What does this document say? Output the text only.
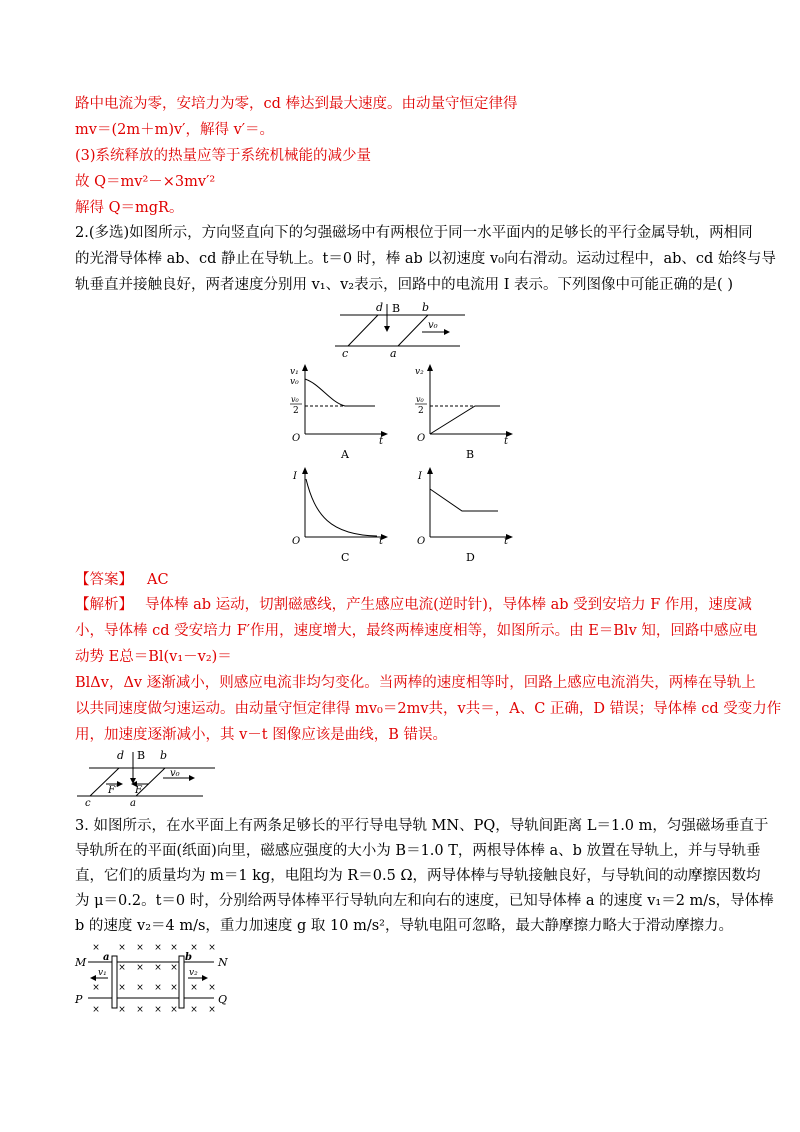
路中电流为零，安培力为零，cd 棒达到最大速度。由动量守恒定律得
mv＝(2m＋m)v′，解得 v′＝。
(3)系统释放的热量应等于系统机械能的减少量
故 Q＝mv²－×3mv′²
解得 Q＝mgR。
2.(多选)如图所示，方向竖直向下的匀强磁场中有两根位于同一水平面内的足够长的平行金属导轨，两相同
的光滑导体棒 ab、cd 静止在导轨上。t＝0 时，棒 ab 以初速度 v₀向右滑动。运动过程中，ab、cd 始终与导
轨垂直并接触良好，两者速度分别用 v₁、v₂表示，回路中的电流用 I 表示。下列图像中可能正确的是( )
d B b
v₀
c	a
v₁
v₀
v₀
2
O	t
A
v₂
v₀
2
O	t
B
I
O	t
C
I
O	t
D
【答案】 AC
【解析】 导体棒 ab 运动，切割磁感线，产生感应电流(逆时针)，导体棒 ab 受到安培力 F 作用，速度减
小，导体棒 cd 受安培力 F′作用，速度增大，最终两棒速度相等，如图所示。由 E＝Blv 知，回路中感应电
动势 E总＝Bl(v₁－v₂)＝
BlΔv，Δv 逐渐减小，则感应电流非均匀变化。当两棒的速度相等时，回路上感应电流消失，两棒在导轨上
以共同速度做匀速运动。由动量守恒定律得 mv₀＝2mv共，v共＝，A、C 正确，D 错误；导体棒 cd 受变力作
用，加速度逐渐减小，其 v－t 图像应该是曲线，B 错误。
d B b
v₀
F′ F
c	a
3. 如图所示，在水平面上有两条足够长的平行导电导轨 MN、PQ，导轨间距离 L＝1.0 m，匀强磁场垂直于
导轨所在的平面(纸面)向里，磁感应强度的大小为 B＝1.0 T，两根导体棒 a、b 放置在导轨上，并与导轨垂
直，它们的质量均为 m＝1 kg，电阻均为 R＝0.5 Ω，两导体棒与导轨接触良好，与导轨间的动摩擦因数均
为 μ＝0.2。t＝0 时，分别给两导体棒平行导轨向左和向右的速度，已知导体棒 a 的速度 v₁＝2 m/s，导体棒
b 的速度 v₂＝4 m/s，重力加速度 g 取 10 m/s²，导轨电阻可忽略，最大静摩擦力略大于滑动摩擦力。
M	N
P	Q
a	b
v₁	v₂
× × × × × × ×
× × × ×
× × × × × × ×
× × × × × × ×
